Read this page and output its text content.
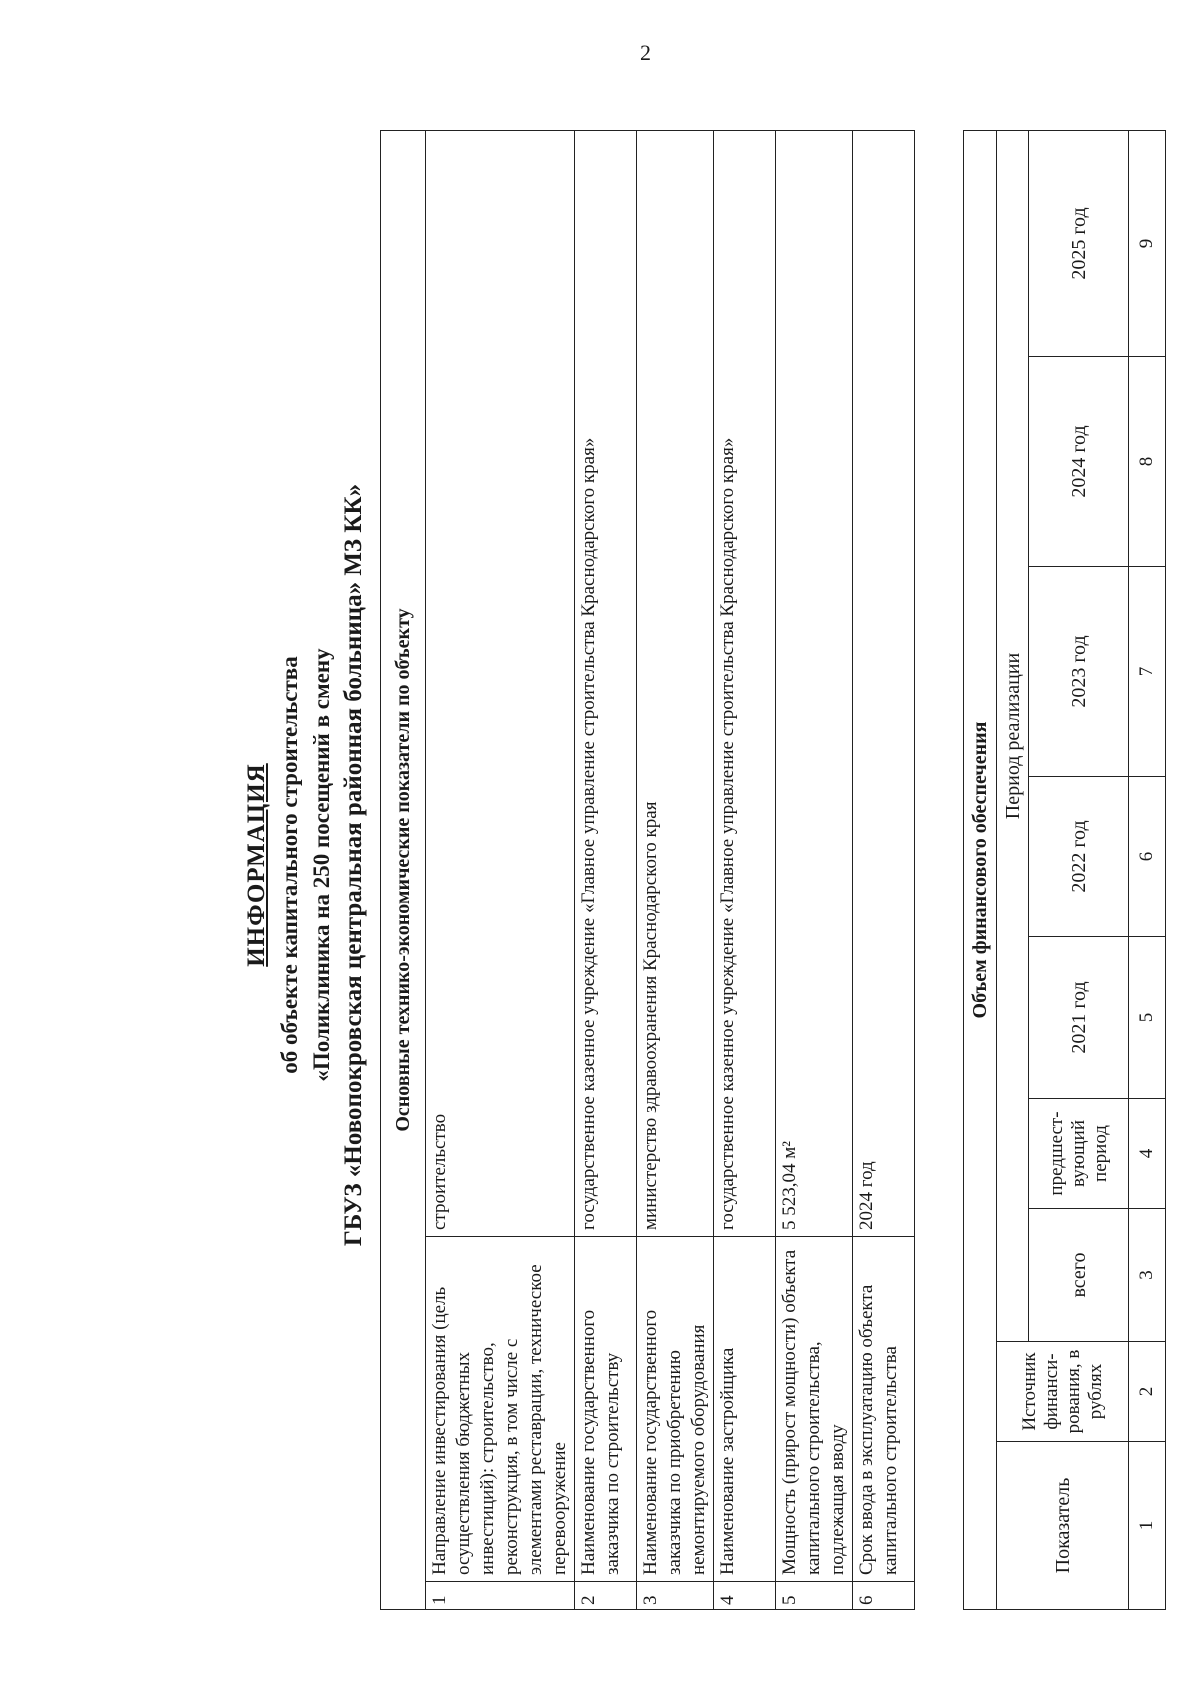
2
ИНФОРМАЦИЯ об объекте капитального строительства «Поликлиника на 250 посещений в смену ГБУЗ «Новопокровская центральная районная больница» МЗ КК» Основные технико-экономические показатели по объекту		
1	Направление инвестирования (цель осуществления бюджетных инвестиций): строительство, реконструкция, в том числе с элементами реставрации, техническое перевооружение	строительство
2	Наименование государственного заказчика по строительству	государственное казенное учреждение «Главное управление строительства Краснодарского края»
3	Наименование государственного заказчика по приобретению немонтируемого оборудования	министерство здравоохранения Краснодарского края
4	Наименование застройщика	государственное казенное учреждение «Главное управление строительства Краснодарского края»
5	Мощность (прирост мощности) объекта капитального строительства, подлежащая вводу	5 523,04 м²
6	Срок ввода в эксплуатацию объекта капитального строительства	2024 год
Объем финансового обеспечения								
Показатель	Источник финанси-рования, в рублях	Период реализации						
		всего	предшест-вующий период	2021 год	2022 год	2023 год	2024 год	2025 год
1	2	3	4	5	6	7	8	9
